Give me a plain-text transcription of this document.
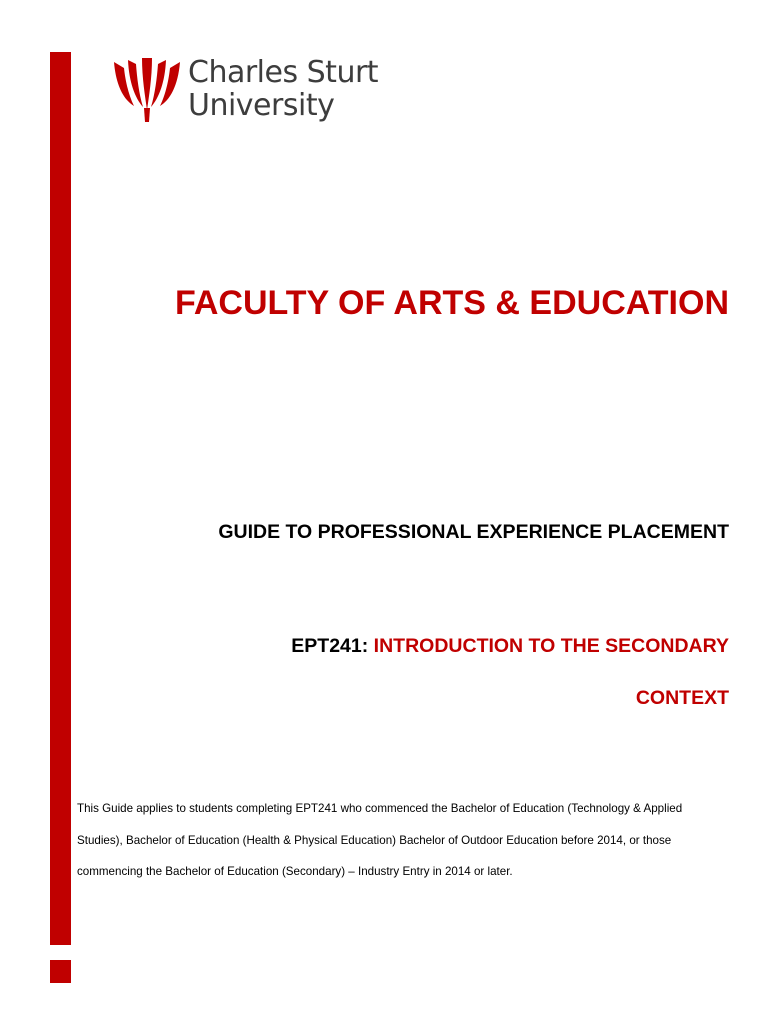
Charles Sturt
University
FACULTY OF ARTS & EDUCATION
GUIDE TO PROFESSIONAL EXPERIENCE PLACEMENT
EPT241: INTRODUCTION TO THE SECONDARY
CONTEXT
This Guide applies to students completing EPT241 who commenced the Bachelor of Education (Technology & Applied Studies), Bachelor of Education (Health & Physical Education) Bachelor of Outdoor Education before 2014, or those commencing the Bachelor of Education (Secondary) – Industry Entry in 2014 or later.
